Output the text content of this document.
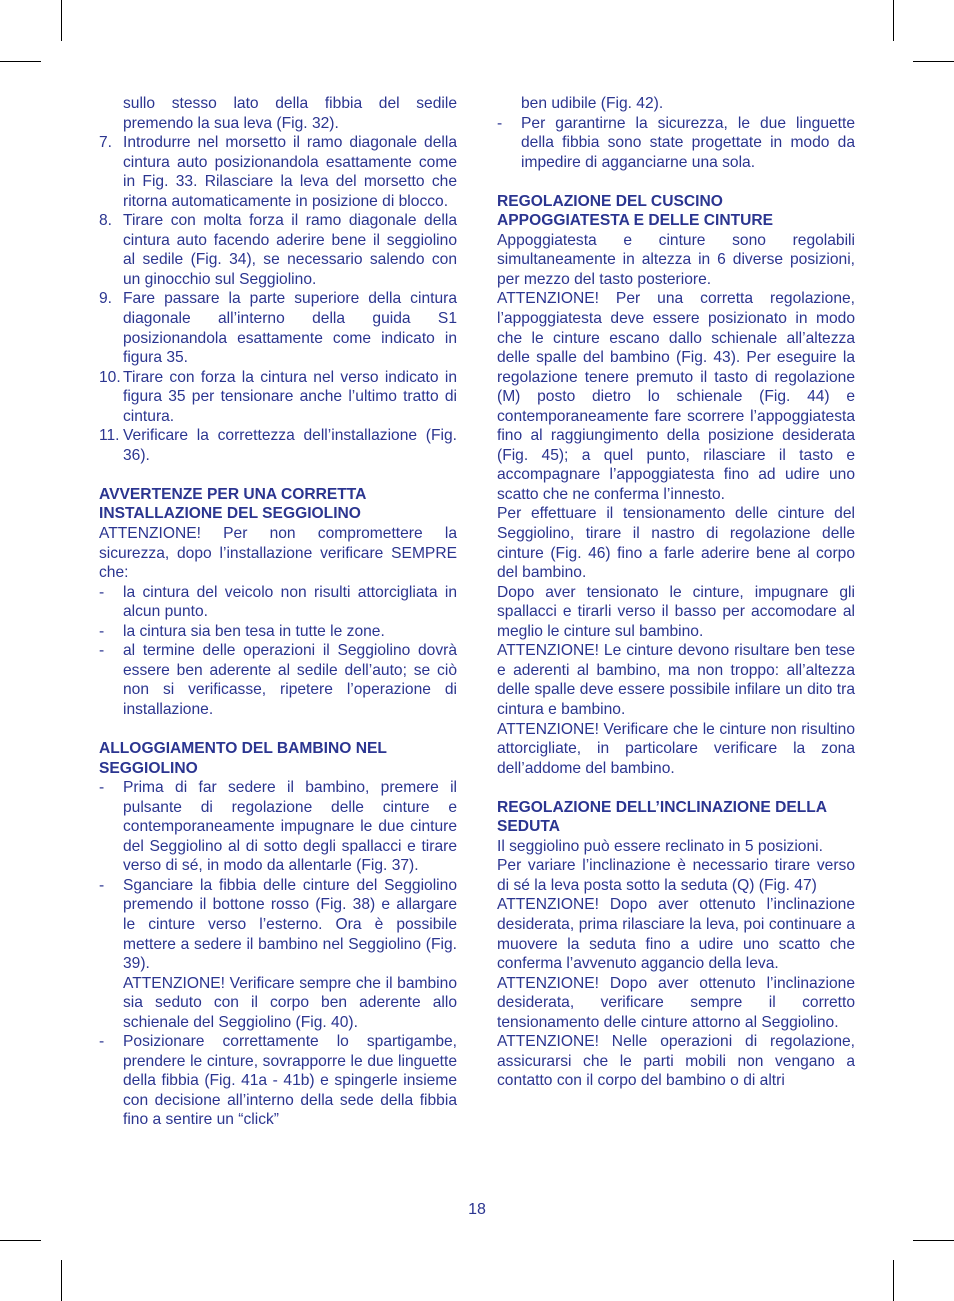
sullo stesso lato della fibbia del sedile premendo la sua leva (Fig. 32).
7. Introdurre nel morsetto il ramo diagonale della cintura auto posizionandola esattamente come in Fig. 33. Rilasciare la leva del morsetto che ritorna automaticamente in posizione di blocco.
8. Tirare con molta forza il ramo diagonale della cintura auto facendo aderire bene il seggiolino al sedile (Fig. 34), se necessario salendo con un ginocchio sul Seggiolino.
9. Fare passare la parte superiore della cintura diagonale all’interno della guida S1 posizionandola esattamente come indicato in figura 35.
10. Tirare con forza la cintura nel verso indicato in figura 35 per tensionare anche l’ultimo tratto di cintura.
11. Verificare la correttezza dell’installazione (Fig. 36).

AVVERTENZE PER UNA CORRETTA INSTALLAZIONE DEL SEGGIOLINO

ATTENZIONE! Per non compromettere la sicurezza, dopo l’installazione verificare SEMPRE che:

- la cintura del veicolo non risulti attorcigliata in alcun punto.
- la cintura sia ben tesa in tutte le zone.
- al termine delle operazioni il Seggiolino dovrà essere ben aderente al sedile dell’auto; se ciò non si verificasse, ripetere l’operazione di installazione.

ALLOGGIAMENTO DEL BAMBINO NEL SEGGIOLINO

- Prima di far sedere il bambino, premere il pulsante di regolazione delle cinture e contemporaneamente impugnare le due cinture del Seggiolino al di sotto degli spallacci e tirare verso di sé, in modo da allentarle (Fig. 37).
- Sganciare la fibbia delle cinture del Seggiolino premendo il bottone rosso (Fig. 38) e allargare le cinture verso l’esterno. Ora è possibile mettere a sedere il bambino nel Seggiolino (Fig. 39).
ATTENZIONE! Verificare sempre che il bambino sia seduto con il corpo ben aderente allo schienale del Seggiolino (Fig. 40).
- Posizionare correttamente lo spartigambe, prendere le cinture, sovrapporre le due linguette della fibbia (Fig. 41a - 41b) e spingerle insieme con decisione all’interno della sede della fibbia fino a sentire un “click”
ben udibile (Fig. 42).
- Per garantirne la sicurezza, le due linguette della fibbia sono state progettate in modo da impedire di agganciarne una sola.

REGOLAZIONE DEL CUSCINO APPOGGIATESTA E DELLE CINTURE

Appoggiatesta e cinture sono regolabili simultaneamente in altezza in 6 diverse posizioni, per mezzo del tasto posteriore.

ATTENZIONE! Per una corretta regolazione, l’appoggiatesta deve essere posizionato in modo che le cinture escano dallo schienale all’altezza delle spalle del bambino (Fig. 43). Per eseguire la regolazione tenere premuto il tasto di regolazione (M) posto dietro lo schienale (Fig. 44) e contemporaneamente fare scorrere l’appoggiatesta fino al raggiungimento della posizione desiderata (Fig. 45); a quel punto, rilasciare il tasto e accompagnare l’appoggiatesta fino ad udire uno scatto che ne conferma l’innesto.

Per effettuare il tensionamento delle cinture del Seggiolino, tirare il nastro di regolazione delle cinture (Fig. 46) fino a farle aderire bene al corpo del bambino.

Dopo aver tensionato le cinture, impugnare gli spallacci e tirarli verso il basso per accomodare al meglio le cinture sul bambino.

ATTENZIONE! Le cinture devono risultare ben tese e aderenti al bambino, ma non troppo: all’altezza delle spalle deve essere possibile infilare un dito tra cintura e bambino.

ATTENZIONE! Verificare che le cinture non risultino attorcigliate, in particolare verificare la zona dell’addome del bambino.

REGOLAZIONE DELL’INCLINAZIONE DELLA SEDUTA

Il seggiolino può essere reclinato in 5 posizioni.

Per variare l’inclinazione è necessario tirare verso di sé la leva posta sotto la seduta (Q) (Fig. 47)

ATTENZIONE! Dopo aver ottenuto l’inclinazione desiderata, prima rilasciare la leva, poi continuare a muovere la seduta fino a udire uno scatto che conferma l’avvenuto aggancio della leva.

ATTENZIONE! Dopo aver ottenuto l’inclinazione desiderata, verificare sempre il corretto tensionamento delle cinture attorno al Seggiolino.

ATTENZIONE! Nelle operazioni di regolazione, assicurarsi che le parti mobili non vengano a contatto con il corpo del bambino o di altri

18
